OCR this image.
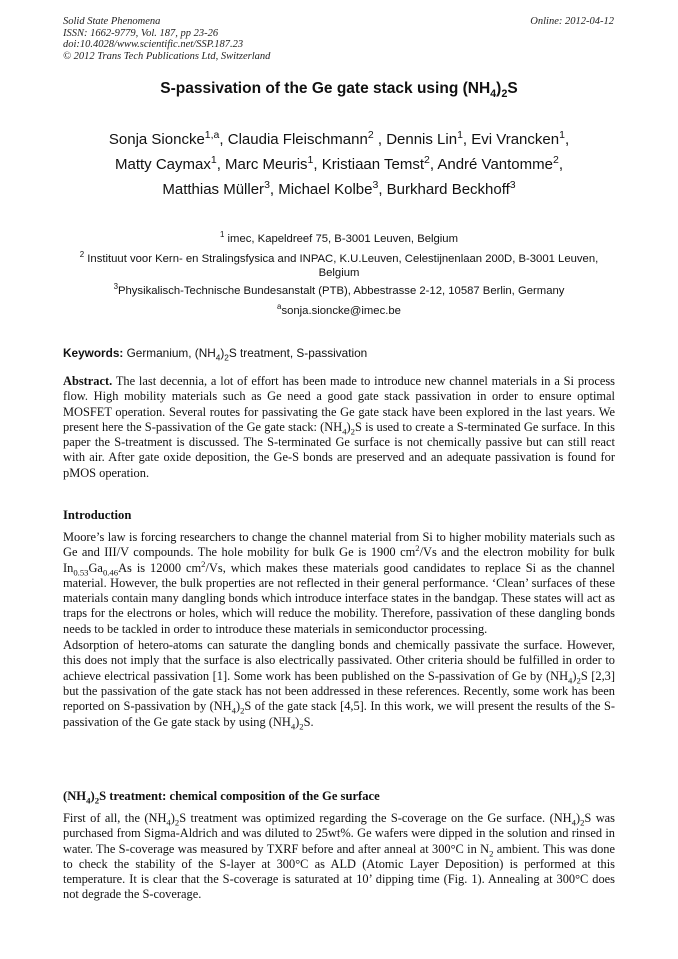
Solid State Phenomena
ISSN: 1662-9779, Vol. 187, pp 23-26
doi:10.4028/www.scientific.net/SSP.187.23
© 2012 Trans Tech Publications Ltd, Switzerland
Online: 2012-04-12
S-passivation of the Ge gate stack using $(NH_4)_2S$
Sonja Sioncke$^{1,a}$, Claudia Fleischmann$^2$ , Dennis Lin$^1$, Evi Vrancken$^1$,
Matty Caymax$^1$, Marc Meuris$^1$, Kristiaan Temst$^2$, André Vantomme$^2$,
Matthias Müller$^3$, Michael Kolbe$^3$, Burkhard Beckhoff$^3$

$^1$ imec, Kapeldreef 75, B-3001 Leuven, Belgium

$^2$ Instituut voor Kern- en Stralingsfysica and INPAC, K.U.Leuven, Celestijnenlaan 200D, B-3001 Leuven, Belgium

$^3$Physikalisch-Technische Bundesanstalt (PTB), Abbestrasse 2-12, 10587 Berlin, Germany

$^a$sonja.sioncke@imec.be

Keywords: Germanium, $(NH_4)_2S$ treatment, S-passivation
Abstract. The last decennia, a lot of effort has been made to introduce new channel materials in a Si process flow. High mobility materials such as Ge need a good gate stack passivation in order to ensure optimal MOSFET operation. Several routes for passivating the Ge gate stack have been explored in the last years. We present here the S-passivation of the Ge gate stack: $(NH_4)_2S$ is used to create a S-terminated Ge surface. In this paper the S-treatment is discussed. The S-terminated Ge surface is not chemically passive but can still react with air. After gate oxide deposition, the Ge-S bonds are preserved and an adequate passivation is found for pMOS operation.
Introduction

Moore’s law is forcing researchers to change the channel material from Si to higher mobility materials such as Ge and III/V compounds. The hole mobility for bulk Ge is 1900 $cm^2/Vs$ and the electron mobility for bulk $In_{0.53}Ga_{0.46}As$ is 12000 $cm^2/Vs$, which makes these materials good candidates to replace Si as the channel material. However, the bulk properties are not reflected in their general performance. ‘Clean’ surfaces of these materials contain many dangling bonds which introduce interface states in the bandgap. These states will act as traps for the electrons or holes, which will reduce the mobility. Therefore, passivation of these dangling bonds needs to be tackled in order to introduce these materials in semiconductor processing.

Adsorption of hetero-atoms can saturate the dangling bonds and chemically passivate the surface. However, this does not imply that the surface is also electrically passivated. Other criteria should be fulfilled in order to achieve electrical passivation [1]. Some work has been published on the S-passivation of Ge by $(NH_4)_2S$ [2,3] but the passivation of the gate stack has not been addressed in these references. Recently, some work has been reported on S-passivation by $(NH_4)_2S$ of the gate stack [4,5]. In this work, we will present the results of the S-passivation of the Ge gate stack by using $(NH_4)_2S$.

$(NH_4)_2S$ treatment: chemical composition of the Ge surface
First of all, the $(NH_4)_2S$ treatment was optimized regarding the S-coverage on the Ge surface. $(NH_4)_2S$ was purchased from Sigma-Aldrich and was diluted to 25wt%. Ge wafers were dipped in the solution and rinsed in water. The S-coverage was measured by TXRF before and after anneal at 300°C in $N_2$ ambient. This was done to check the stability of the S-layer at 300°C as ALD (Atomic Layer Deposition) is performed at this temperature. It is clear that the S-coverage is saturated at 10’ dipping time (Fig. 1). Annealing at 300°C does not degrade the S-coverage.
